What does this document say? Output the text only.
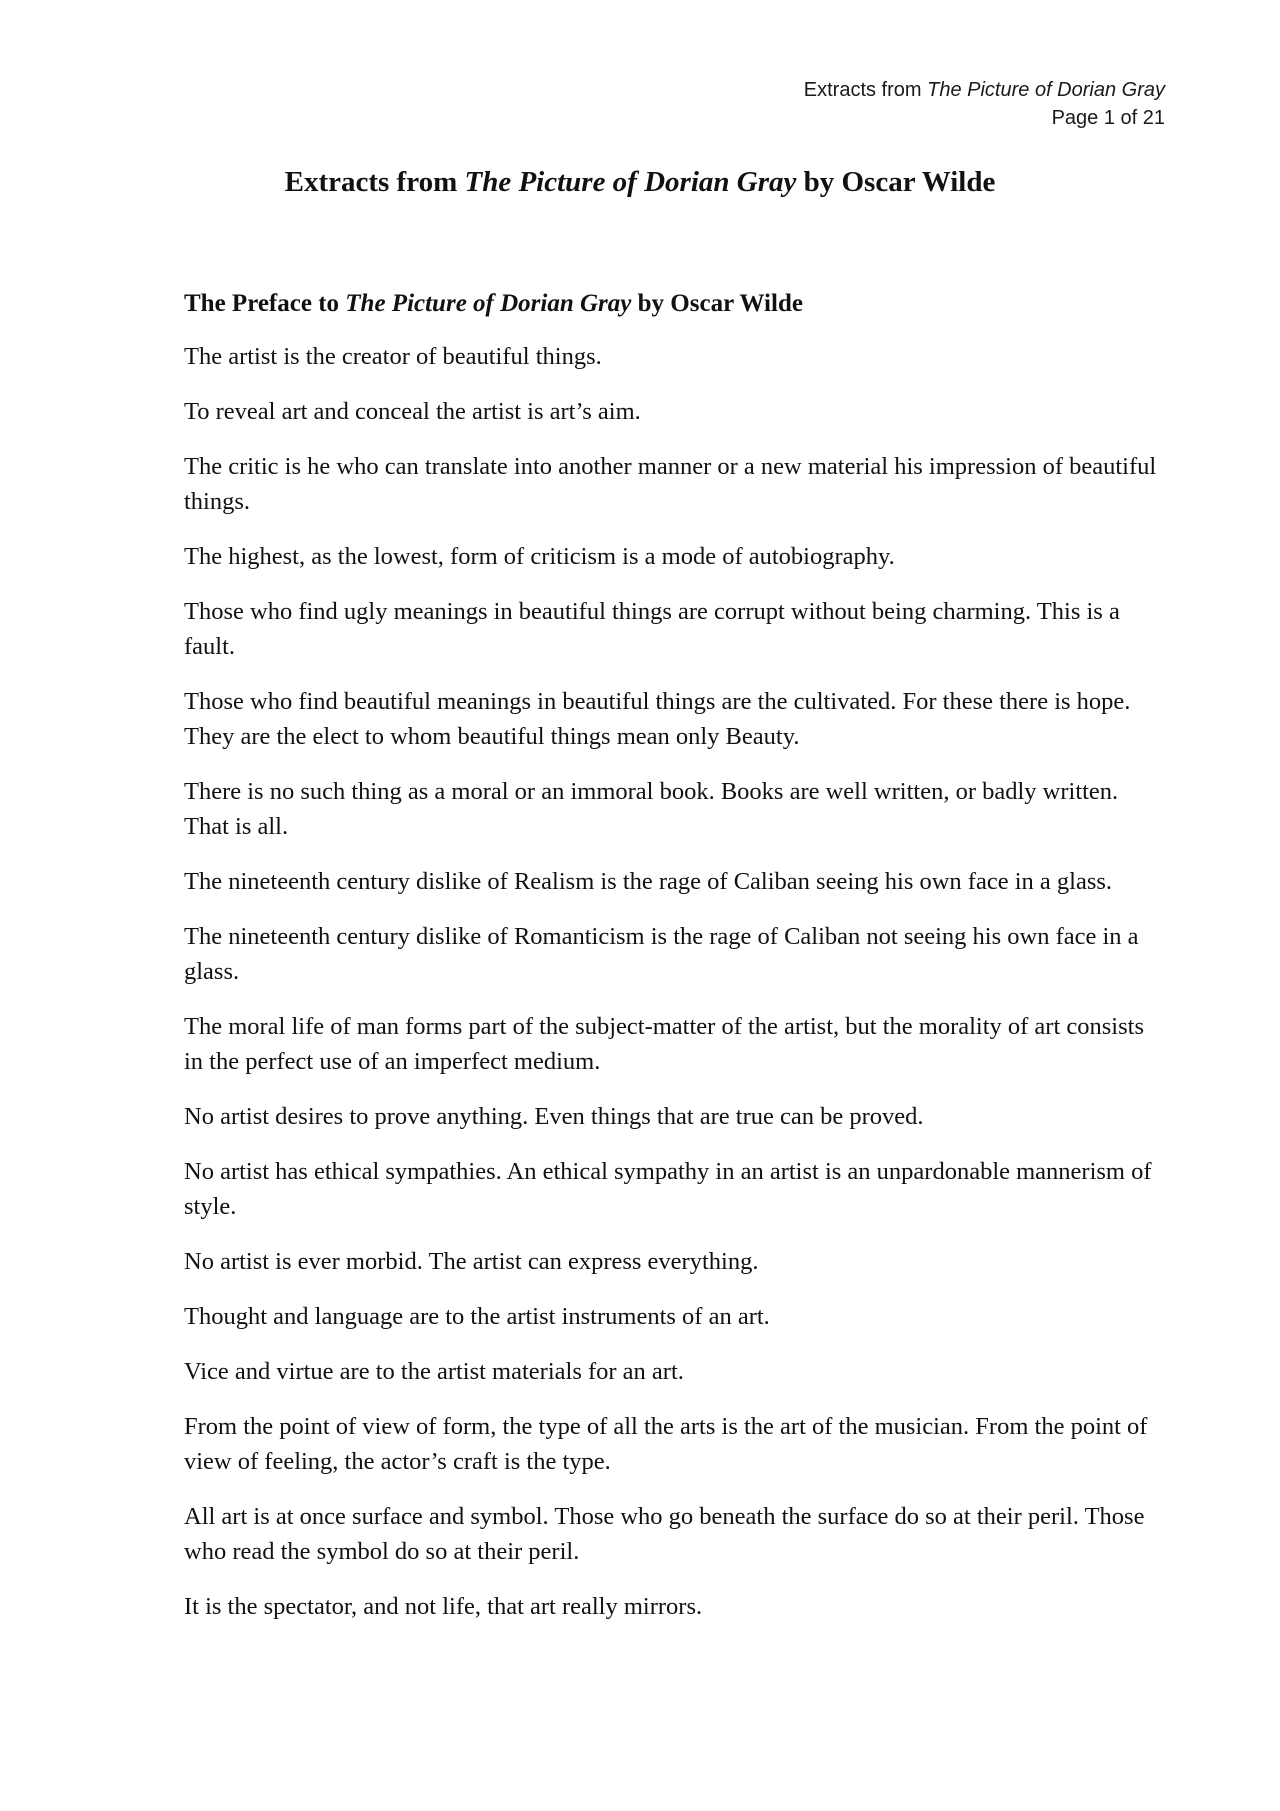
Extracts from The Picture of Dorian Gray
Page 1 of 21
Extracts from The Picture of Dorian Gray by Oscar Wilde
The Preface to The Picture of Dorian Gray by Oscar Wilde

The artist is the creator of beautiful things.

To reveal art and conceal the artist is art’s aim.

The critic is he who can translate into another manner or a new material his impression of beautiful things.

The highest, as the lowest, form of criticism is a mode of autobiography.

Those who find ugly meanings in beautiful things are corrupt without being charming. This is a fault.

Those who find beautiful meanings in beautiful things are the cultivated. For these there is hope. They are the elect to whom beautiful things mean only Beauty.

There is no such thing as a moral or an immoral book. Books are well written, or badly written. That is all.

The nineteenth century dislike of Realism is the rage of Caliban seeing his own face in a glass.

The nineteenth century dislike of Romanticism is the rage of Caliban not seeing his own face in a glass.

The moral life of man forms part of the subject-matter of the artist, but the morality of art consists in the perfect use of an imperfect medium.

No artist desires to prove anything. Even things that are true can be proved.

No artist has ethical sympathies. An ethical sympathy in an artist is an unpardonable mannerism of style.

No artist is ever morbid. The artist can express everything.

Thought and language are to the artist instruments of an art.

Vice and virtue are to the artist materials for an art.

From the point of view of form, the type of all the arts is the art of the musician. From the point of view of feeling, the actor’s craft is the type.

All art is at once surface and symbol. Those who go beneath the surface do so at their peril. Those who read the symbol do so at their peril.

It is the spectator, and not life, that art really mirrors.
